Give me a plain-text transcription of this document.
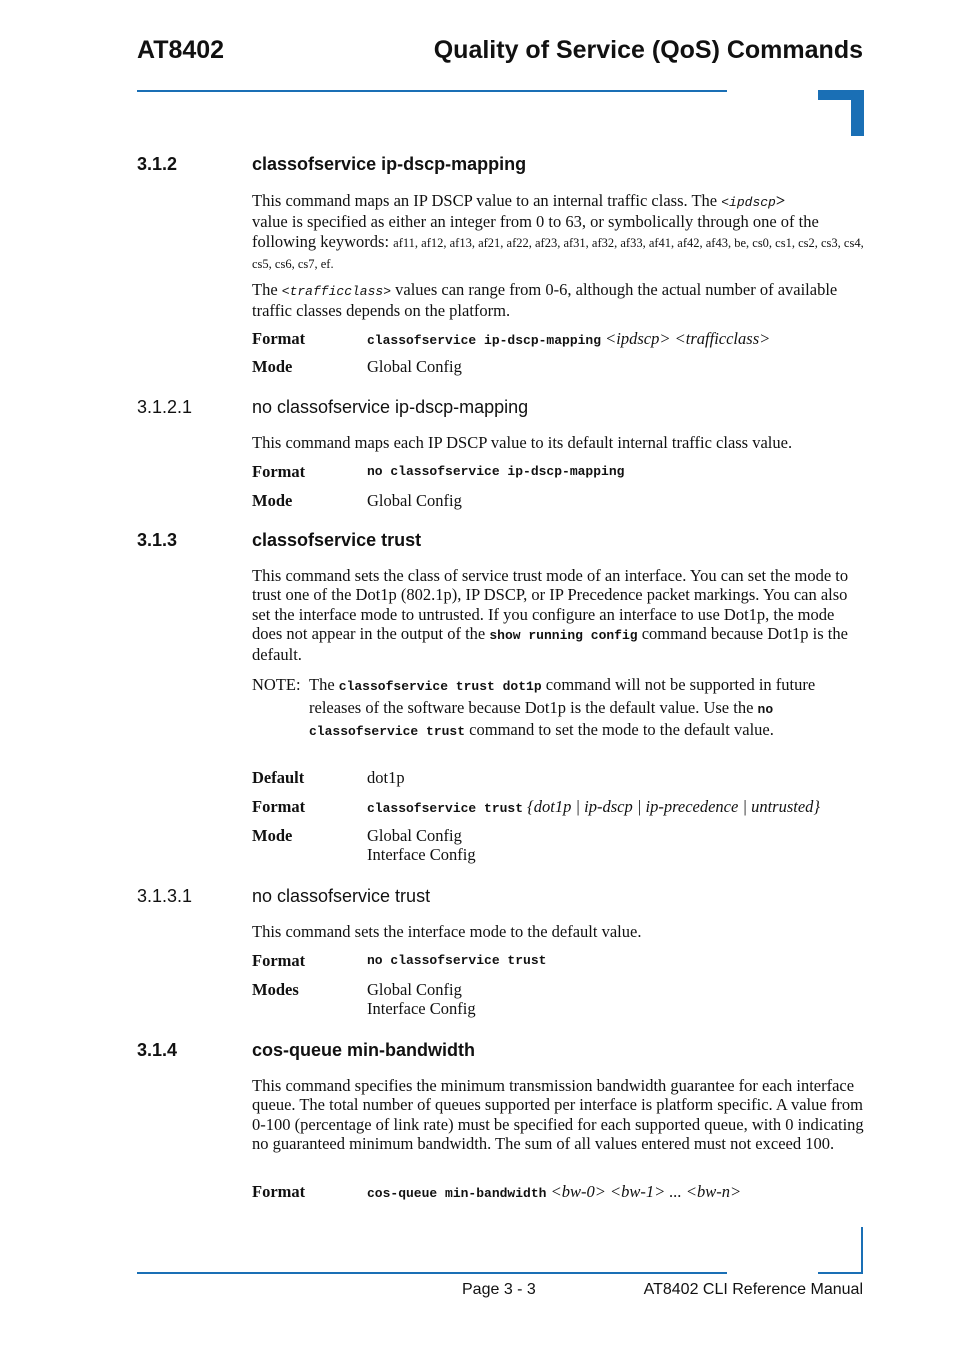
AT8402	Quality of Service (QoS) Commands
3.1.2	classofservice ip-dscp-mapping
This command maps an IP DSCP value to an internal traffic class. The <ipdscp>
value is specified as either an integer from 0 to 63, or symbolically through one of the following keywords: af11, af12, af13, af21, af22, af23, af31, af32, af33, af41, af42, af43, be, cs0, cs1, cs2, cs3, cs4, cs5, cs6, cs7, ef.
The <trafficclass> values can range from 0-6, although the actual number of available traffic classes depends on the platform.
Format	classofservice ip-dscp-mapping <ipdscp> <trafficclass>
Mode	Global Config
3.1.2.1	no classofservice ip-dscp-mapping
This command maps each IP DSCP value to its default internal traffic class value.
Format	no classofservice ip-dscp-mapping
Mode	Global Config
3.1.3	classofservice trust
This command sets the class of service trust mode of an interface. You can set the mode to trust one of the Dot1p (802.1p), IP DSCP, or IP Precedence packet markings. You can also set the interface mode to untrusted. If you configure an interface to use Dot1p, the mode does not appear in the output of the show running config command because Dot1p is the default.
NOTE: The classofservice trust dot1p command will not be supported in future releases of the software because Dot1p is the default value. Use the no classofservice trust command to set the mode to the default value.
Default	dot1p
Format	classofservice trust {dot1p | ip-dscp | ip-precedence | untrusted}
Mode	Global Config
Interface Config
3.1.3.1	no classofservice trust
This command sets the interface mode to the default value.
Format	no classofservice trust
Modes	Global Config
Interface Config
3.1.4	cos-queue min-bandwidth
This command specifies the minimum transmission bandwidth guarantee for each interface queue. The total number of queues supported per interface is platform specific. A value from 0-100 (percentage of link rate) must be specified for each supported queue, with 0 indicating no guaranteed minimum bandwidth. The sum of all values entered must not exceed 100.
Format	cos-queue min-bandwidth <bw-0> <bw-1> ... <bw-n>
Page 3 - 3	AT8402 CLI Reference Manual
